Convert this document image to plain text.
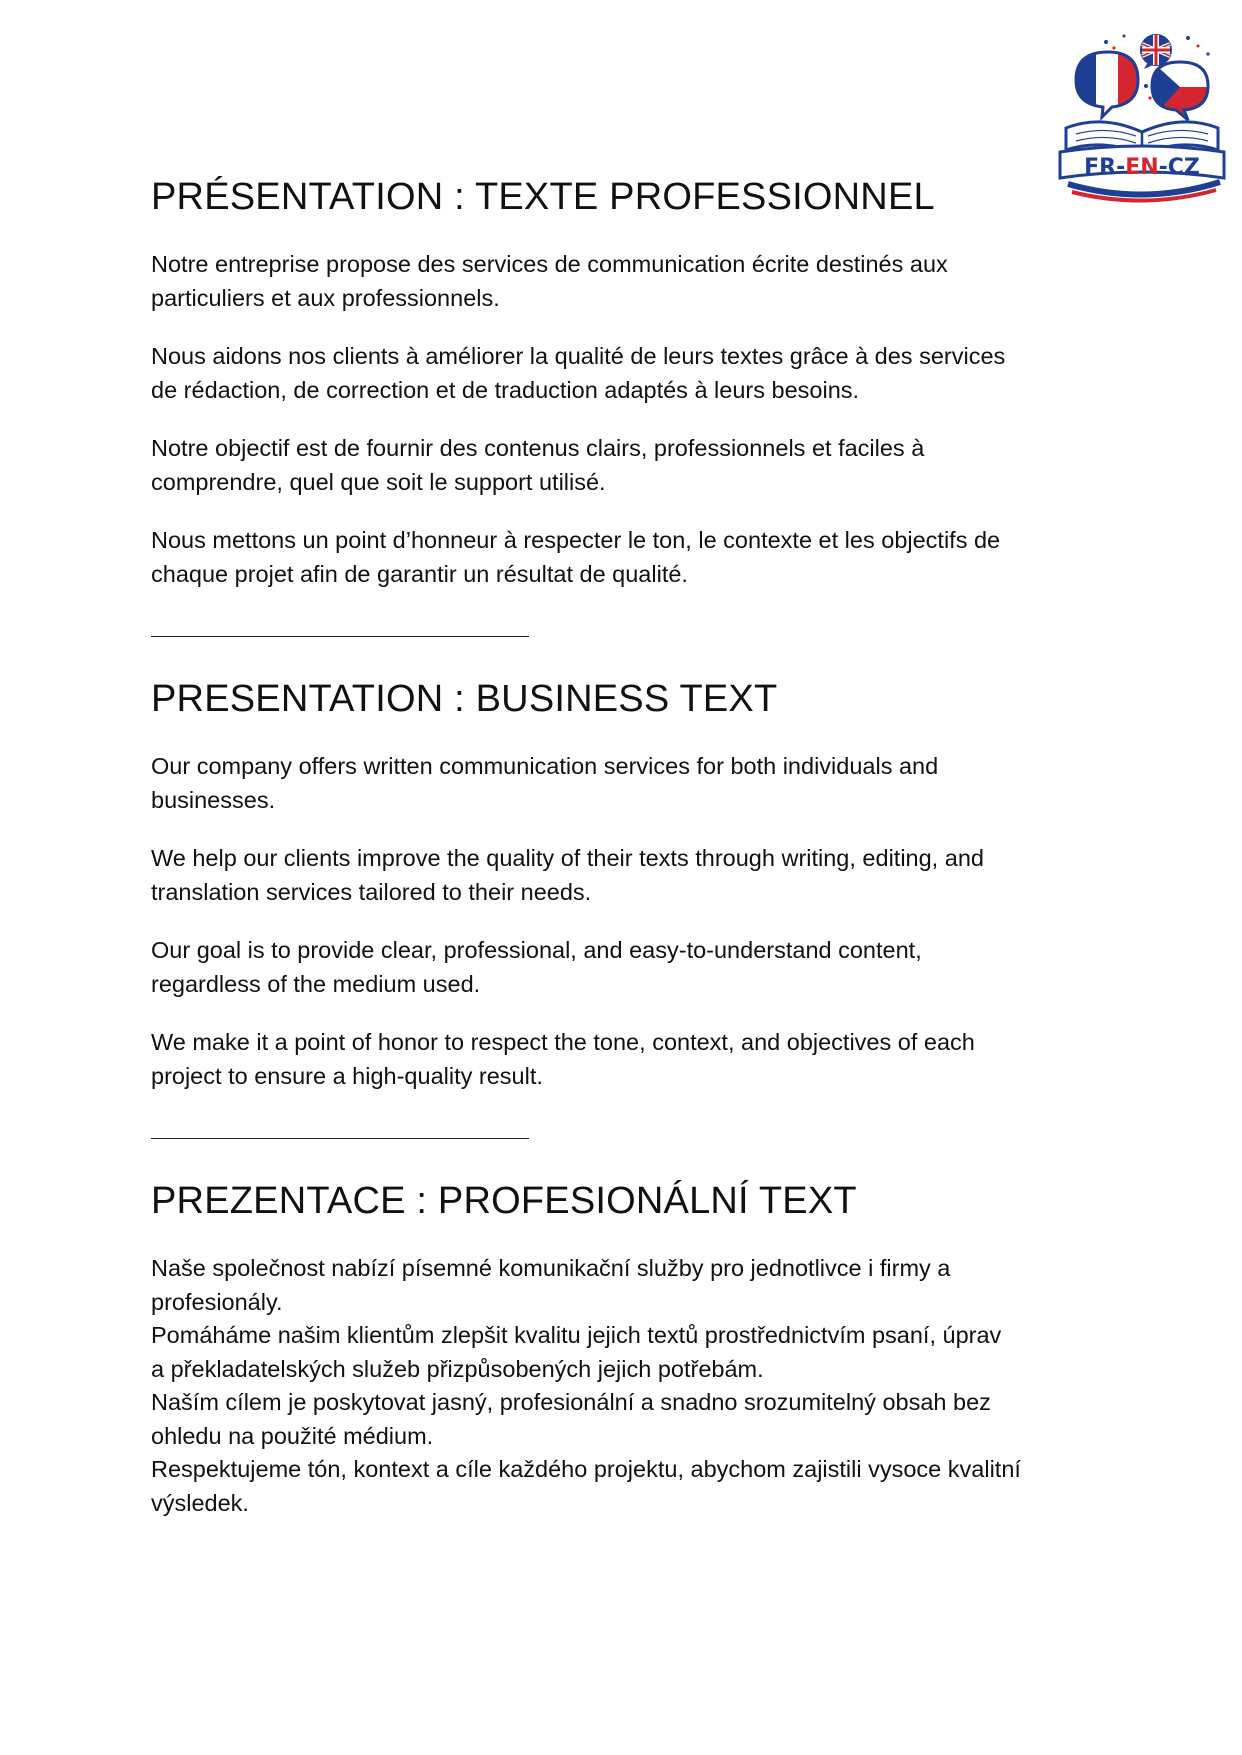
FR-EN-CZ
PRÉSENTATION : TEXTE PROFESSIONNEL

Notre entreprise propose des services de communication écrite destinés aux
particuliers et aux professionnels.

Nous aidons nos clients à améliorer la qualité de leurs textes grâce à des services
de rédaction, de correction et de traduction adaptés à leurs besoins.

Notre objectif est de fournir des contenus clairs, professionnels et faciles à
comprendre, quel que soit le support utilisé.

Nous mettons un point d’honneur à respecter le ton, le contexte et les objectifs de
chaque projet afin de garantir un résultat de qualité.

PRESENTATION : BUSINESS TEXT

Our company offers written communication services for both individuals and
businesses.

We help our clients improve the quality of their texts through writing, editing, and
translation services tailored to their needs.

Our goal is to provide clear, professional, and easy-to-understand content,
regardless of the medium used.

We make it a point of honor to respect the tone, context, and objectives of each
project to ensure a high-quality result.

PREZENTACE : PROFESIONÁLNÍ TEXT

Naše společnost nabízí písemné komunikační služby pro jednotlivce i firmy a
profesionály.

Pomáháme našim klientům zlepšit kvalitu jejich textů prostřednictvím psaní, úprav
a překladatelských služeb přizpůsobených jejich potřebám.

Naším cílem je poskytovat jasný, profesionální a snadno srozumitelný obsah bez
ohledu na použité médium.

Respektujeme tón, kontext a cíle každého projektu, abychom zajistili vysoce kvalitní
výsledek.
